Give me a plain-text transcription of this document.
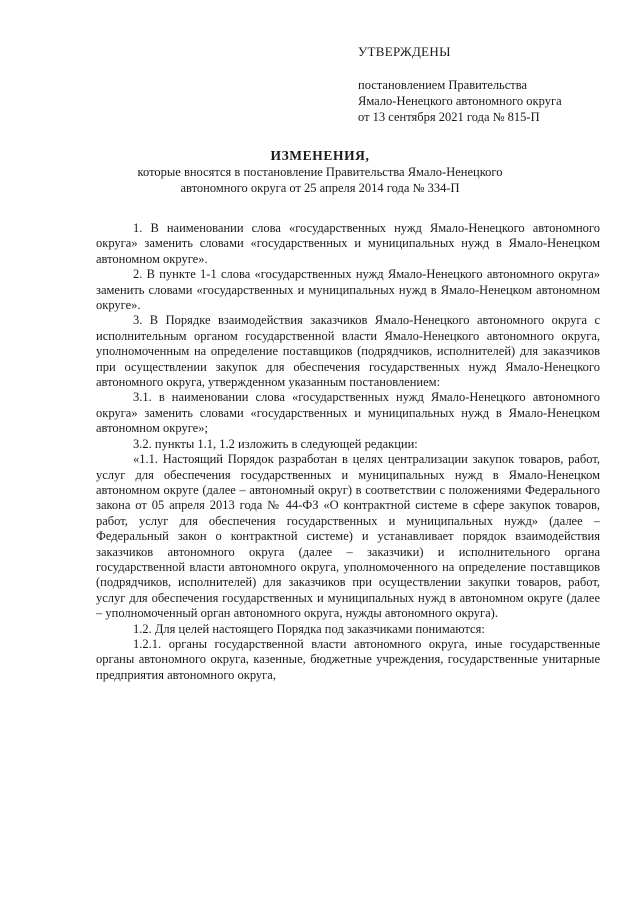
УТВЕРЖДЕНЫ
постановлением Правительства
Ямало-Ненецкого автономного округа
от 13 сентября 2021 года № 815-П
ИЗМЕНЕНИЯ,
которые вносятся в постановление Правительства Ямало-Ненецкого
автономного округа от 25 апреля 2014 года № 334-П

1. В наименовании слова «государственных нужд Ямало-Ненецкого автономного округа» заменить словами «государственных и муниципальных нужд в Ямало-Ненецком автономном округе».

2. В пункте 1-1 слова «государственных нужд Ямало-Ненецкого автономного округа» заменить словами «государственных и муниципальных нужд в Ямало-Ненецком автономном округе».

3. В Порядке взаимодействия заказчиков Ямало-Ненецкого автономного округа с исполнительным органом государственной власти Ямало-Ненецкого автономного округа, уполномоченным на определение поставщиков (подрядчиков, исполнителей) для заказчиков при осуществлении закупок для обеспечения государственных нужд Ямало-Ненецкого автономного округа, утвержденном указанным постановлением:

3.1. в наименовании слова «государственных нужд Ямало-Ненецкого автономного округа» заменить словами «государственных и муниципальных нужд в Ямало-Ненецком автономном округе»;

3.2. пункты 1.1, 1.2 изложить в следующей редакции:

«1.1. Настоящий Порядок разработан в целях централизации закупок товаров, работ, услуг для обеспечения государственных и муниципальных нужд в Ямало-Ненецком автономном округе (далее – автономный округ) в соответствии с положениями Федерального закона от 05 апреля 2013 года № 44-ФЗ «О контрактной системе в сфере закупок товаров, работ, услуг для обеспечения государственных и муниципальных нужд» (далее – Федеральный закон о контрактной системе) и устанавливает порядок взаимодействия заказчиков автономного округа (далее – заказчики) и исполнительного органа государственной власти автономного округа, уполномоченного на определение поставщиков (подрядчиков, исполнителей) для заказчиков при осуществлении закупки товаров, работ, услуг для обеспечения государственных и муниципальных нужд в автономном округе (далее – уполномоченный орган автономного округа, нужды автономного округа).

1.2. Для целей настоящего Порядка под заказчиками понимаются:

1.2.1. органы государственной власти автономного округа, иные государственные органы автономного округа, казенные, бюджетные учреждения, государственные унитарные предприятия автономного округа,
